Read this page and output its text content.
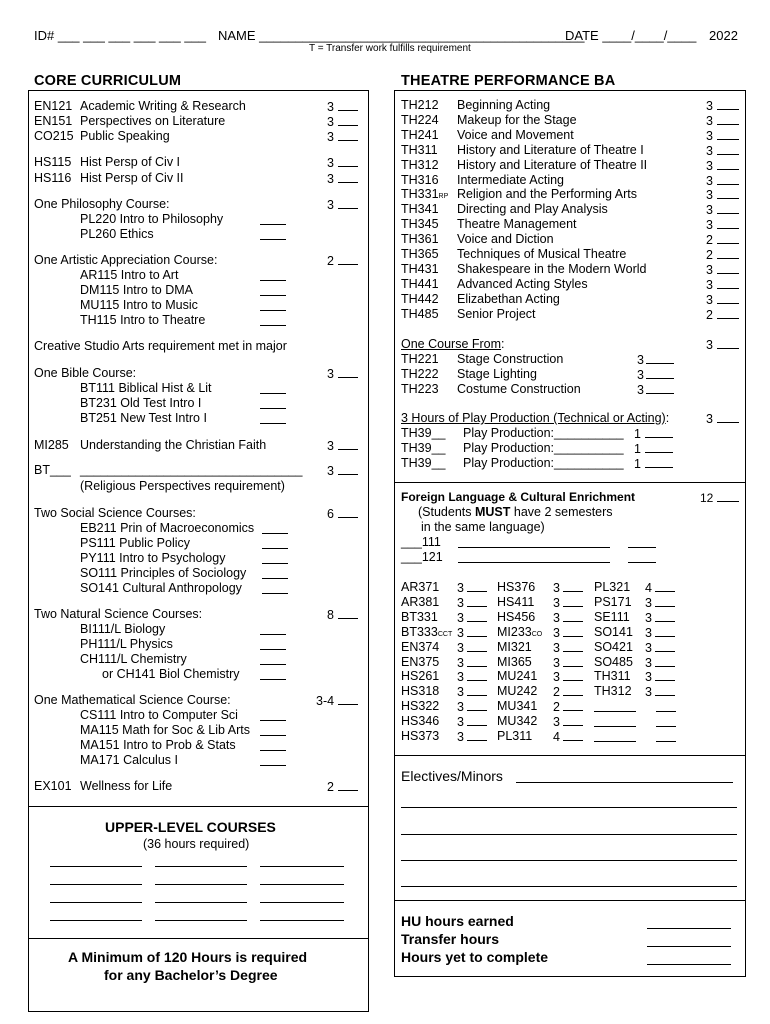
ID# ___ ___ ___ ___ ___ ___ NAME _____________________________________________
DATE ____/____/____ 2022
T = Transfer work fulfills requirement
CORE CURRICULUM	THEATRE PERFORMANCE BA
EN121 Academic Writing & Research	3
EN151 Perspectives on Literature	3
CO215 Public Speaking	3
HS115 Hist Persp of Civ I	3
HS116 Hist Persp of Civ II	3
One Philosophy Course:	3
PL220 Intro to Philosophy
PL260 Ethics
One Artistic Appreciation Course:	2
AR115 Intro to Art
DM115 Intro to DMA
MU115 Intro to Music
TH115 Intro to Theatre
Creative Studio Arts requirement met in major
One Bible Course:	3
BT111 Biblical Hist & Lit
BT231 Old Test Intro I
BT251 New Test Intro I
MI285 Understanding the Christian Faith	3
BT___ ________________________________ 3
(Religious Perspectives requirement)
Two Social Science Courses:	6
EB211 Prin of Macroeconomics
PS111 Public Policy
PY111 Intro to Psychology
SO111 Principles of Sociology
SO141 Cultural Anthropology
Two Natural Science Courses:	8
BI111/L Biology
PH111/L Physics
CH111/L Chemistry
or CH141 Biol Chemistry
One Mathematical Science Course:	3-4
CS111 Intro to Computer Sci
MA115 Math for Soc & Lib Arts
MA151 Intro to Prob & Stats
MA171 Calculus I
EX101 Wellness for Life	2
TH212 Beginning Acting	3
TH224 Makeup for the Stage	3
TH241 Voice and Movement	3
TH311 History and Literature of Theatre I	3
TH312 History and Literature of Theatre II	3
TH316 Intermediate Acting	3
TH331RP Religion and the Performing Arts	3
TH341 Directing and Play Analysis	3
TH345 Theatre Management	3
TH361 Voice and Diction	2
TH365 Techniques of Musical Theatre	2
TH431 Shakespeare in the Modern World	3
TH441 Advanced Acting Styles	3
TH442 Elizabethan Acting	3
TH485 Senior Project	2
One Course From:	3
TH221 Stage Construction	3
TH222 Stage Lighting	3
TH223 Costume Construction	3
3 Hours of Play Production (Technical or Acting):	3
TH39__ Play Production:__________ 1
TH39__ Play Production:__________ 1
TH39__ Play Production:__________ 1
Foreign Language & Cultural Enrichment	12
(Students MUST have 2 semesters
in the same language)
___111
___121
AR371 3	HS376 3	PL321 4
AR381 3	HS411 3	PS171 3
BT331 3	HS456 3	SE111 3
BT333CCT 3	MI233CO 3	SO141 3
EN374 3	MI321 3	SO421 3
EN375 3	MI365 3	SO485 3
HS261 3	MU241 3	TH311 3
HS318 3	MU242 2	TH312 3
HS322 3	MU341 2
HS346 3	MU342 3
HS373 3	PL311 4
UPPER-LEVEL COURSES
(36 hours required)
A Minimum of 120 Hours is required
for any Bachelor’s Degree
Electives/Minors
HU hours earned
Transfer hours
Hours yet to complete
